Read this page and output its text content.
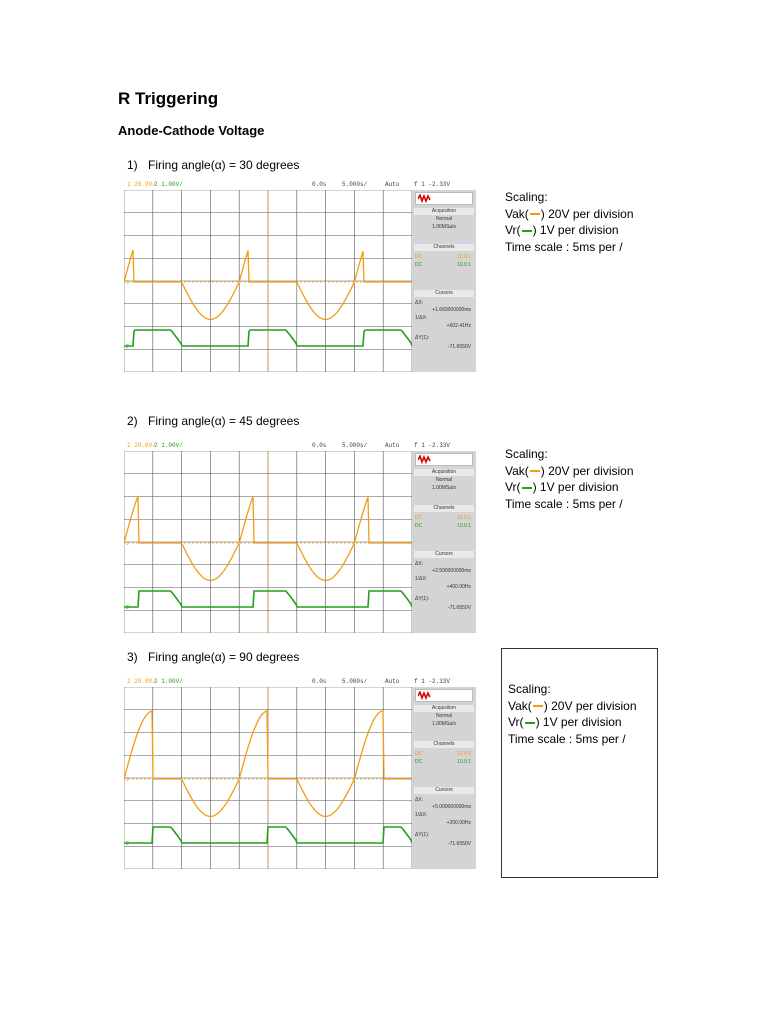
R Triggering
Anode-Cathode Voltage
1) Firing angle(α) = 30 degrees
2) Firing angle(α) = 45 degrees
3) Firing angle(α) = 90 degrees
1 20.0V/
2 1.00V/	0.0s	5.000s/	Auto f 1 -2.33V
1
2
Acquisition
Normal
1.00MSa/s
Channels
DC	10.0:1
DC	10.0:1
Cursors
ΔX:
+1.660000000ms
1/ΔX:
+602.41Hz
ΔY(1):
-71.6550V
1 20.0V/
2 1.00V/	0.0s	5.000s/	Auto f 1 -2.33V
1
2
Acquisition
Normal
1.00MSa/s
Channels
DC	10.0:1
DC	10.0:1
Cursors
ΔX:
+2.500000000ms
1/ΔX:
+400.00Hz
ΔY(1):
-71.6550V
1 20.0V/
2 1.00V/	0.0s	5.000s/	Auto f 1 -2.33V
1
2
Acquisition
Normal
1.00MSa/s
Channels
DC	10.0:1
DC	10.0:1
Cursors
ΔX:
+5.000000000ms
1/ΔX:
+200.00Hz
ΔY(1):
-71.6550V
Scaling:
Vak( ) 20V per division
Vr( ) 1V per division
Time scale : 5ms per /
Scaling:
Vak( ) 20V per division
Vr( ) 1V per division
Time scale : 5ms per /
Scaling:
Vak( ) 20V per division
Vr( ) 1V per division
Time scale : 5ms per /
